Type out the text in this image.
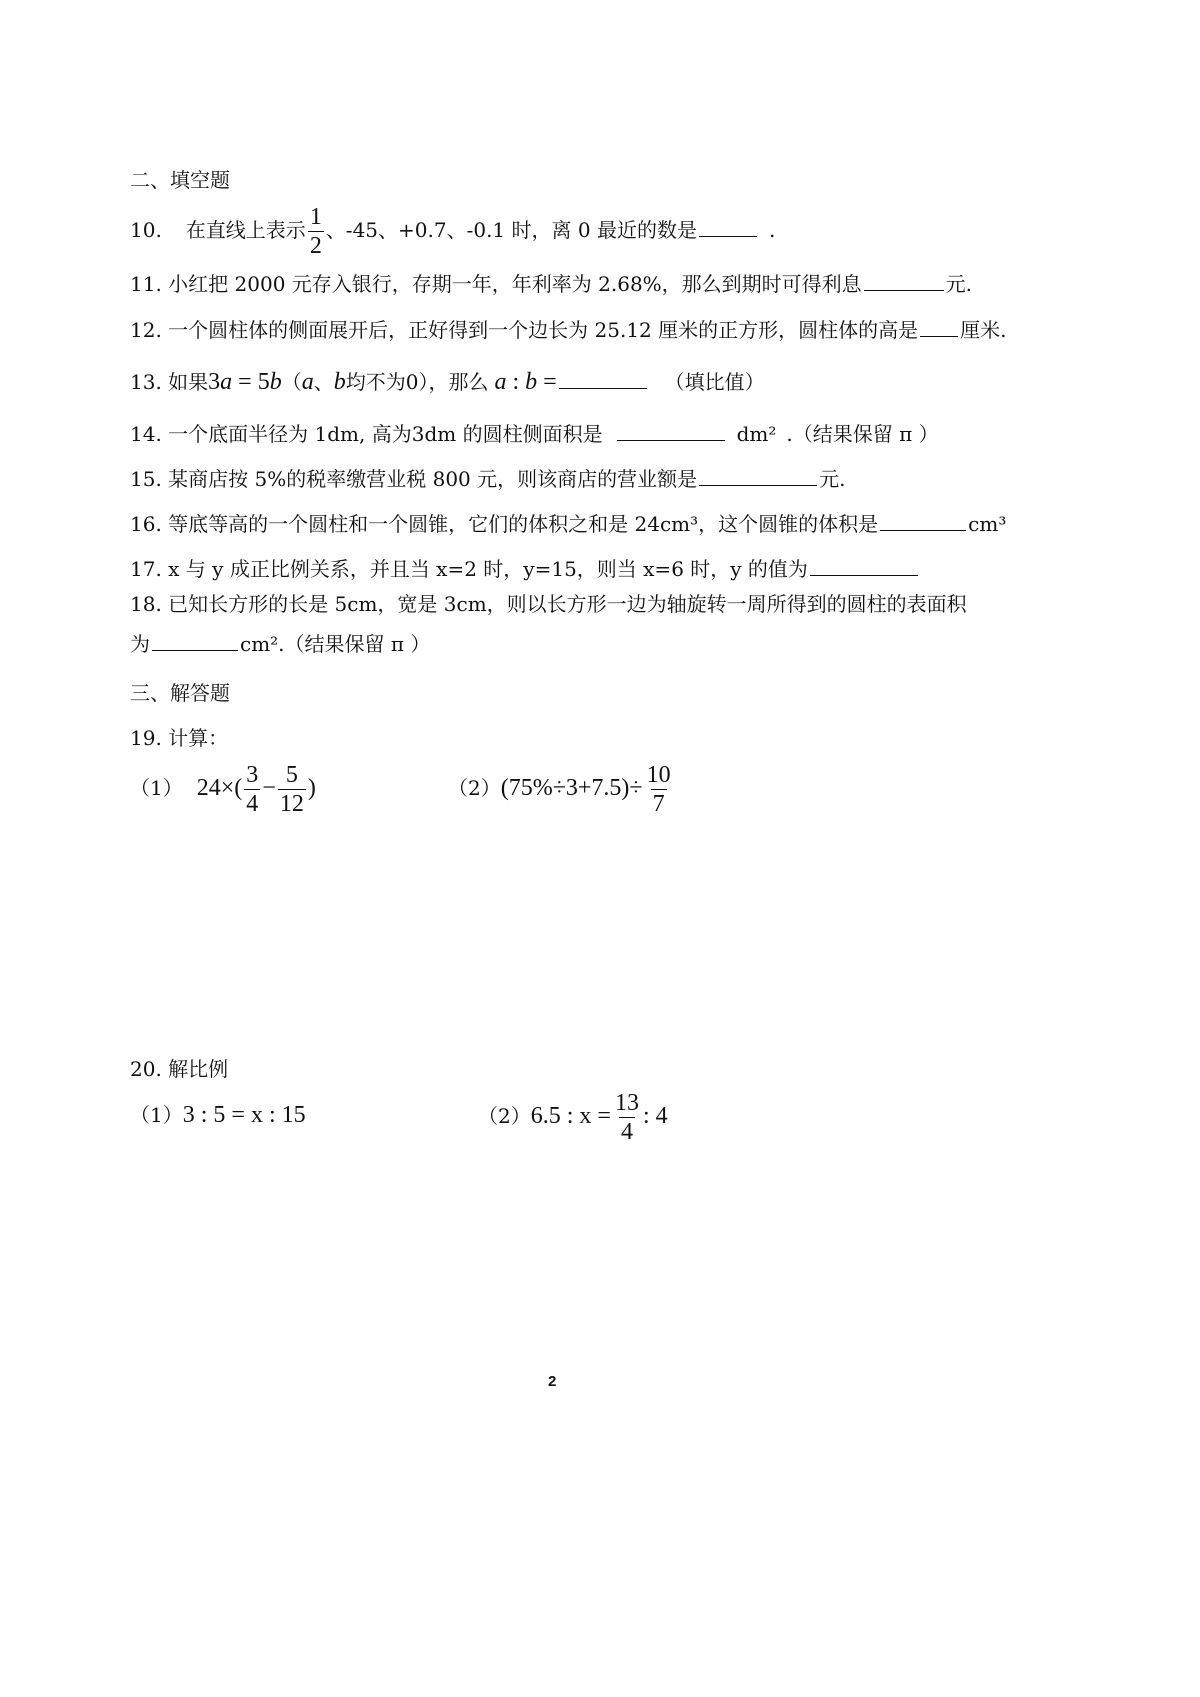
二、填空题
10. 在直线上表示 $\frac{1}{2}$ 、-45、+0.7、-0.1 时，离 0 最近的数是	.
11. 小红把 2000 元存入银行，存期一年，年利率为 2.68%，那么到期时可得利息	元.
12. 一个圆柱体的侧面展开后，正好得到一个边长为 25.12 厘米的正方形，圆柱体的高是 厘米.
13. 如果3a = 5b（a、b均不为0），那么 a : b =	（填比值）
14. 一个底面半径为 1dm, 高为3dm 的圆柱侧面积是	dm² .（结果保留 π ）
15. 某商店按 5%的税率缴营业税 800 元，则该商店的营业额是	元.
16. 等底等高的一个圆柱和一个圆锥，它们的体积之和是 24cm³，这个圆锥的体积是	cm³
17. x 与 y 成正比例关系，并且当 x=2 时，y=15，则当 x=6 时，y 的值为
18. 已知长方形的长是 5cm，宽是 3cm，则以长方形一边为轴旋转一周所得到的圆柱的表面积
为	cm².（结果保留 π ）
三、解答题
19. 计算：
（1） $24\times( \frac{3}{4} - \frac{5}{12}$ )	$(2)(75\%\div 3+7.5)\div \frac{10}{7}$
20. 解比例
（1）3 : 5 = x : 15	（2）6.5 : $x = \frac{13}{4}$ : 4
2
